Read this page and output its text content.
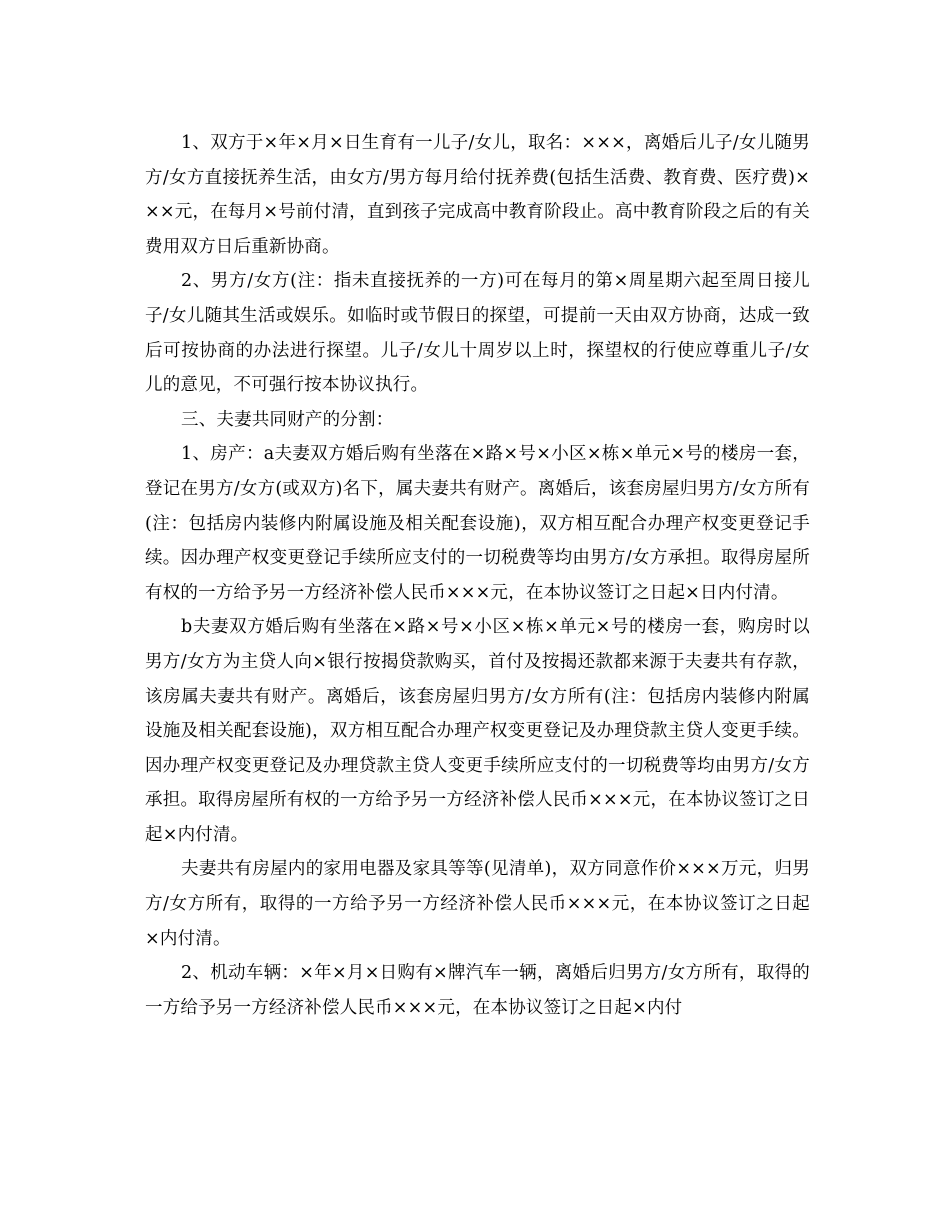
1、双方于×年×月×日生育有一儿子/女儿，取名：×××，离婚后儿子/女儿随男方/女方直接抚养生活，由女方/男方每月给付抚养费(包括生活费、教育费、医疗费)×××元，在每月×号前付清，直到孩子完成高中教育阶段止。高中教育阶段之后的有关费用双方日后重新协商。

2、男方/女方(注：指未直接抚养的一方)可在每月的第×周星期六起至周日接儿子/女儿随其生活或娱乐。如临时或节假日的探望，可提前一天由双方协商，达成一致后可按协商的办法进行探望。儿子/女儿十周岁以上时，探望权的行使应尊重儿子/女儿的意见，不可强行按本协议执行。

三、夫妻共同财产的分割：

1、房产：a夫妻双方婚后购有坐落在×路×号×小区×栋×单元×号的楼房一套，登记在男方/女方(或双方)名下，属夫妻共有财产。离婚后，该套房屋归男方/女方所有(注：包括房内装修内附属设施及相关配套设施)，双方相互配合办理产权变更登记手续。因办理产权变更登记手续所应支付的一切税费等均由男方/女方承担。取得房屋所有权的一方给予另一方经济补偿人民币×××元，在本协议签订之日起×日内付清。

b夫妻双方婚后购有坐落在×路×号×小区×栋×单元×号的楼房一套，购房时以男方/女方为主贷人向×银行按揭贷款购买，首付及按揭还款都来源于夫妻共有存款，该房属夫妻共有财产。离婚后，该套房屋归男方/女方所有(注：包括房内装修内附属设施及相关配套设施)，双方相互配合办理产权变更登记及办理贷款主贷人变更手续。因办理产权变更登记及办理贷款主贷人变更手续所应支付的一切税费等均由男方/女方承担。取得房屋所有权的一方给予另一方经济补偿人民币×××元，在本协议签订之日起×内付清。

夫妻共有房屋内的家用电器及家具等等(见清单)，双方同意作价×××万元，归男方/女方所有，取得的一方给予另一方经济补偿人民币×××元，在本协议签订之日起×内付清。

2、机动车辆：×年×月×日购有×牌汽车一辆，离婚后归男方/女方所有，取得的一方给予另一方经济补偿人民币×××元，在本协议签订之日起×内付
